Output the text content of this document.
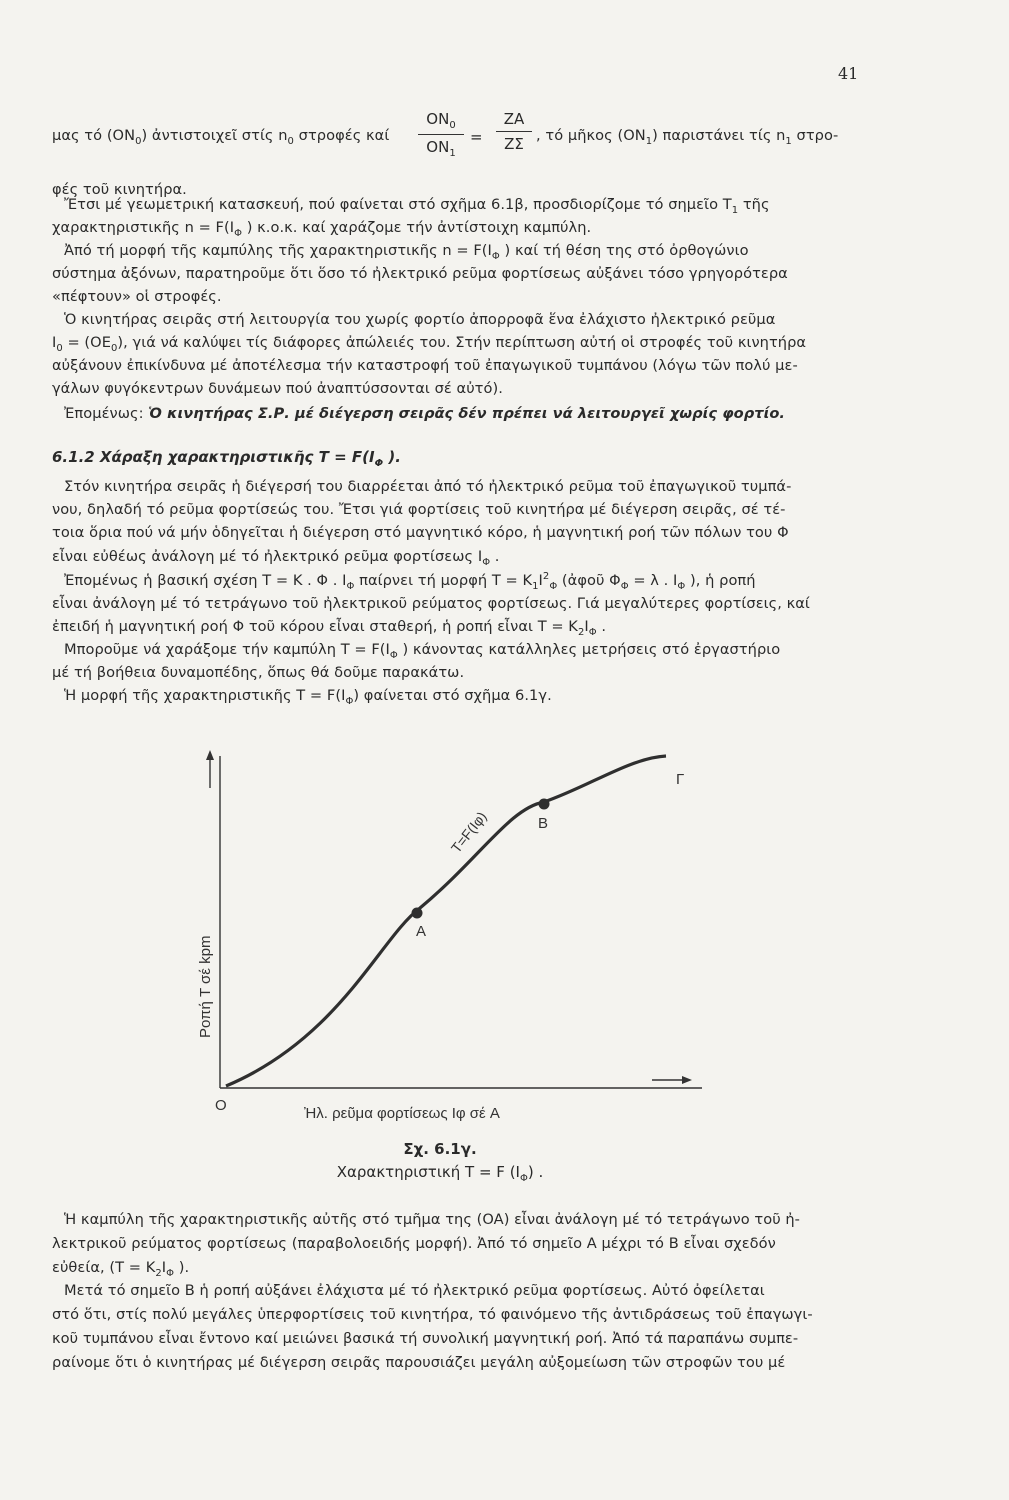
41
μας τό $(ON_0)$ ἀντιστοιχεῖ στίς $n_0$ στροφές καί $\frac{ON_0}{ON_1} = \frac{ZA}{Z\Sigma}$ , τό μῆκος $(ON_1)$ παριστάνει τίς $n_1$ στρο-
φές τοῦ κινητήρα.
Ἔτσι μέ γεωμετρική κατασκευή, πού φαίνεται στό σχῆμα 6.1β, προσδιορίζομε τό σημεῖο $T_1$ τῆς
χαρακτηριστικῆς $n = F(I_\Phi$ ) κ.ο.κ. καί χαράζομε τήν ἀντίστοιχη καμπύλη.
Ἀπό τή μορφή τῆς καμπύλης τῆς χαρακτηριστικῆς $n = F(I_\Phi$ ) καί τή θέση της στό ὀρθογώνιο
σύστημα ἀξόνων, παρατηροῦμε ὅτι ὅσο τό ἠλεκτρικό ρεῦμα φορτίσεως αὐξάνει τόσο γρηγορότερα
«πέφτουν» οἱ στροφές.
Ὁ κινητήρας σειρᾶς στή λειτουργία του χωρίς φορτίο ἀπορροφᾶ ἕνα ἐλάχιστο ἠλεκτρικό ρεῦμα
$I_0 = (OE_0)$, γιά νά καλύψει τίς διάφορες ἀπώλειές του. Στήν περίπτωση αὐτή οἱ στροφές τοῦ κινητήρα
αὐξάνουν ἐπικίνδυνα μέ ἀποτέλεσμα τήν καταστροφή τοῦ ἐπαγωγικοῦ τυμπάνου (λόγω τῶν πολύ με-
γάλων φυγόκεντρων δυνάμεων πού ἀναπτύσσονται σέ αὐτό).
Ἐπομένως: Ὁ κινητήρας Σ.Ρ. μέ διέγερση σειρᾶς δέν πρέπει νά λειτουργεῖ χωρίς φορτίο.
6.1.2 Χάραξη χαρακτηριστικῆς $T = F(I_\Phi$ ).
Στόν κινητήρα σειρᾶς ἡ διέγερσή του διαρρέεται ἀπό τό ἠλεκτρικό ρεῦμα τοῦ ἐπαγωγικοῦ τυμπά-
νου, δηλαδή τό ρεῦμα φορτίσεώς του. Ἔτσι γιά φορτίσεις τοῦ κινητήρα μέ διέγερση σειρᾶς, σέ τέ-
τοια ὅρια πού νά μήν ὁδηγεῖται ἡ διέγερση στό μαγνητικό κόρο, ἡ μαγνητική ροή τῶν πόλων του Φ
εἶναι εὐθέως ἀνάλογη μέ τό ἠλεκτρικό ρεῦμα φορτίσεως $I_\Phi$ .
Ἐπομένως ἡ βασική σχέση T = K . Φ . $I_\Phi$ παίρνει τή μορφή $T = K_1I^2_\Phi$ (ἀφοῦ $\Phi_\Phi = \lambda$ . $I_\Phi$ ), ἡ ροπή
εἶναι ἀνάλογη μέ τό τετράγωνο τοῦ ἠλεκτρικοῦ ρεύματος φορτίσεως. Γιά μεγαλύτερες φορτίσεις, καί
ἐπειδή ἡ μαγνητική ροή Φ τοῦ κόρου εἶναι σταθερή, ἡ ροπή εἶναι $T = K_2I_\Phi$ .
Μποροῦμε νά χαράξομε τήν καμπύλη $T = F(I_\Phi$ ) κάνοντας κατάλληλες μετρήσεις στό ἐργαστήριο
μέ τή βοήθεια δυναμοπέδης, ὅπως θά δοῦμε παρακάτω.
Ἡ μορφή τῆς χαρακτηριστικῆς $T = F(I_\Phi)$ φαίνεται στό σχῆμα 6.1γ.
A
B
Γ
O
T=F(Iφ)
Ροπή T σέ kpm
Ἠλ. ρεῦμα φορτίσεως Iφ σέ A
Σχ. 6.1γ.
Χαρακτηριστική T = F $(I_\Phi)$ .
Ἡ καμπύλη τῆς χαρακτηριστικῆς αὐτῆς στό τμῆμα της (OA) εἶναι ἀνάλογη μέ τό τετράγωνο τοῦ ἠ-
λεκτρικοῦ ρεύματος φορτίσεως (παραβολοειδής μορφή). Ἀπό τό σημεῖο A μέχρι τό B εἶναι σχεδόν
εὐθεία, ($T = K_2I_\Phi$ ).
Μετά τό σημεῖο B ἡ ροπή αὐξάνει ἐλάχιστα μέ τό ἠλεκτρικό ρεῦμα φορτίσεως. Αὐτό ὀφείλεται
στό ὅτι, στίς πολύ μεγάλες ὑπερφορτίσεις τοῦ κινητήρα, τό φαινόμενο τῆς ἀντιδράσεως τοῦ ἐπαγωγι-
κοῦ τυμπάνου εἶναι ἔντονο καί μειώνει βασικά τή συνολική μαγνητική ροή. Ἀπό τά παραπάνω συμπε-
ραίνομε ὅτι ὁ κινητήρας μέ διέγερση σειρᾶς παρουσιάζει μεγάλη αὐξομείωση τῶν στροφῶν του μέ
